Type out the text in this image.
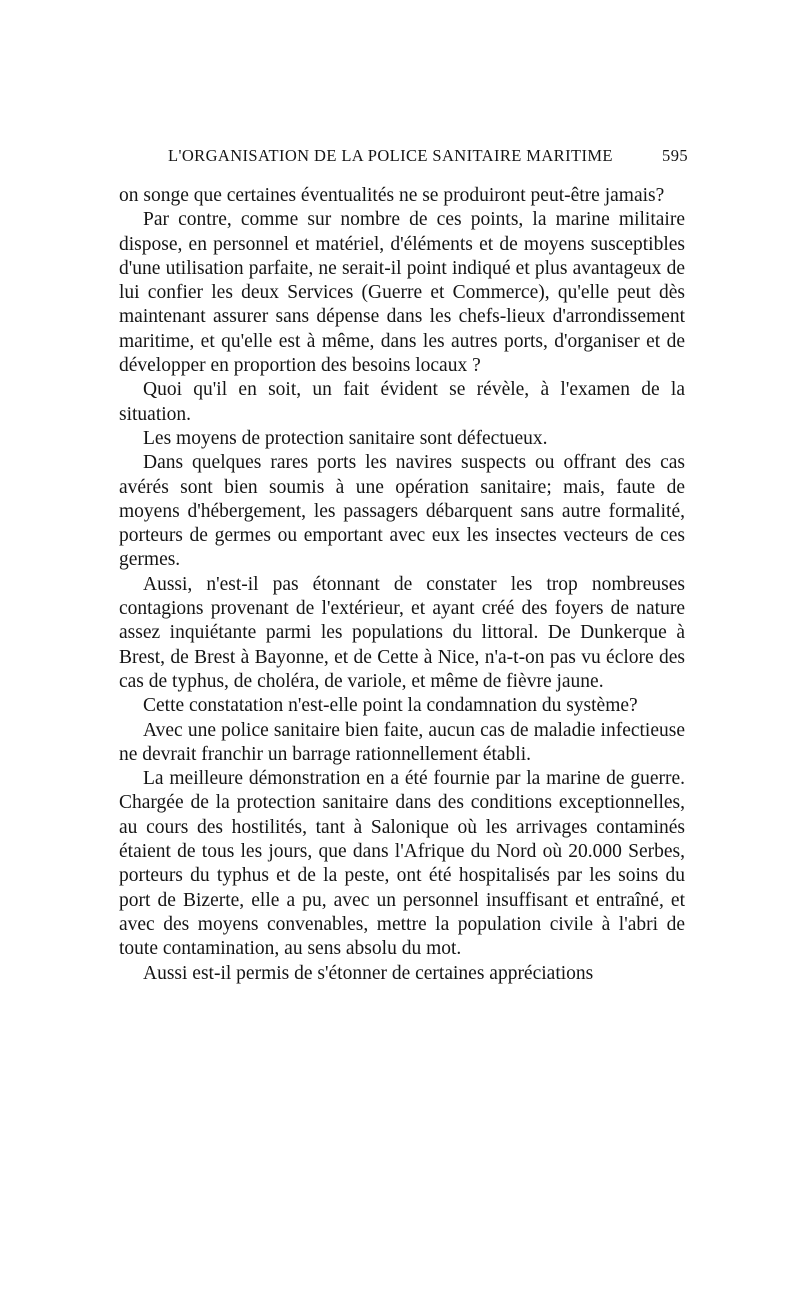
L'ORGANISATION DE LA POLICE SANITAIRE MARITIME	595

on songe que certaines éventualités ne se produiront peut-être jamais?

Par contre, comme sur nombre de ces points, la marine militaire dispose, en personnel et matériel, d'éléments et de moyens susceptibles d'une utilisation parfaite, ne serait-il point indiqué et plus avantageux de lui confier les deux Services (Guerre et Commerce), qu'elle peut dès maintenant assurer sans dépense dans les chefs-lieux d'arrondissement maritime, et qu'elle est à même, dans les autres ports, d'organiser et de développer en proportion des besoins locaux ?

Quoi qu'il en soit, un fait évident se révèle, à l'examen de la situation.

Les moyens de protection sanitaire sont défectueux.

Dans quelques rares ports les navires suspects ou offrant des cas avérés sont bien soumis à une opération sanitaire; mais, faute de moyens d'hébergement, les passagers débarquent sans autre formalité, porteurs de germes ou emportant avec eux les insectes vecteurs de ces germes.

Aussi, n'est-il pas étonnant de constater les trop nombreuses contagions provenant de l'extérieur, et ayant créé des foyers de nature assez inquiétante parmi les populations du littoral. De Dunkerque à Brest, de Brest à Bayonne, et de Cette à Nice, n'a-t-on pas vu éclore des cas de typhus, de choléra, de variole, et même de fièvre jaune.

Cette constatation n'est-elle point la condamnation du système?

Avec une police sanitaire bien faite, aucun cas de maladie infectieuse ne devrait franchir un barrage rationnellement établi.

La meilleure démonstration en a été fournie par la marine de guerre. Chargée de la protection sanitaire dans des conditions exceptionnelles, au cours des hostilités, tant à Salonique où les arrivages contaminés étaient de tous les jours, que dans l'Afrique du Nord où 20.000 Serbes, porteurs du typhus et de la peste, ont été hospitalisés par les soins du port de Bizerte, elle a pu, avec un personnel insuffisant et entraîné, et avec des moyens convenables, mettre la population civile à l'abri de toute contamination, au sens absolu du mot.

Aussi est-il permis de s'étonner de certaines appréciations
